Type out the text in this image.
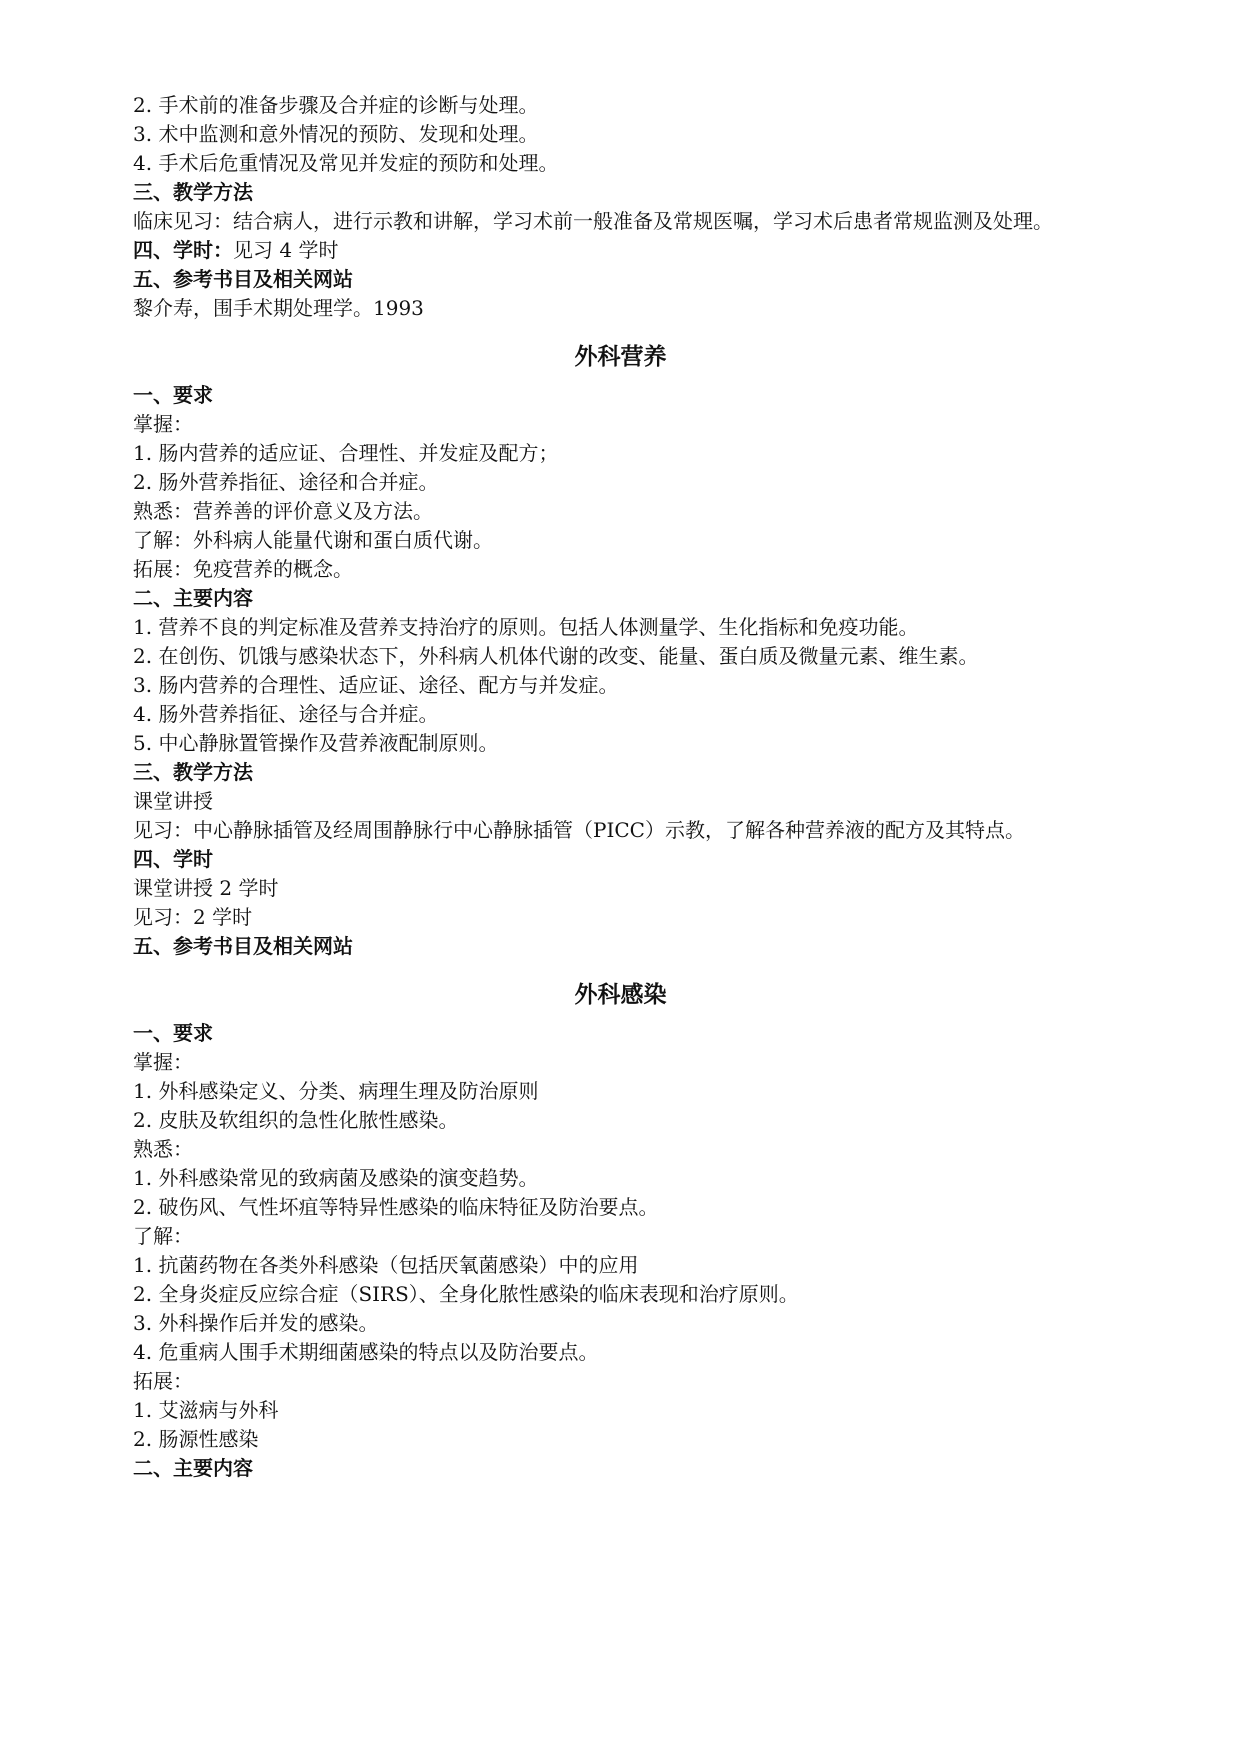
2. 手术前的准备步骤及合并症的诊断与处理。
3. 术中监测和意外情况的预防、发现和处理。
4. 手术后危重情况及常见并发症的预防和处理。
三、教学方法
临床见习：结合病人，进行示教和讲解，学习术前一般准备及常规医嘱，学习术后患者常规监测及处理。
四、学时：见习 4 学时
五、参考书目及相关网站
黎介寿，围手术期处理学。1993
外科营养
一、要求
掌握：
1. 肠内营养的适应证、合理性、并发症及配方；
2. 肠外营养指征、途径和合并症。
熟悉：营养善的评价意义及方法。
了解：外科病人能量代谢和蛋白质代谢。
拓展：免疫营养的概念。
二、主要内容
1. 营养不良的判定标准及营养支持治疗的原则。包括人体测量学、生化指标和免疫功能。
2. 在创伤、饥饿与感染状态下，外科病人机体代谢的改变、能量、蛋白质及微量元素、维生素。
3. 肠内营养的合理性、适应证、途径、配方与并发症。
4. 肠外营养指征、途径与合并症。
5. 中心静脉置管操作及营养液配制原则。
三、教学方法
课堂讲授
见习：中心静脉插管及经周围静脉行中心静脉插管（PICC）示教，了解各种营养液的配方及其特点。
四、学时
课堂讲授 2 学时
见习：2 学时
五、参考书目及相关网站
外科感染
一、要求
掌握：
1. 外科感染定义、分类、病理生理及防治原则
2. 皮肤及软组织的急性化脓性感染。
熟悉：
1. 外科感染常见的致病菌及感染的演变趋势。
2. 破伤风、气性坏疽等特异性感染的临床特征及防治要点。
了解：
1. 抗菌药物在各类外科感染（包括厌氧菌感染）中的应用
2. 全身炎症反应综合症（SIRS）、全身化脓性感染的临床表现和治疗原则。
3. 外科操作后并发的感染。
4. 危重病人围手术期细菌感染的特点以及防治要点。
拓展：
1. 艾滋病与外科
2. 肠源性感染
二、主要内容
